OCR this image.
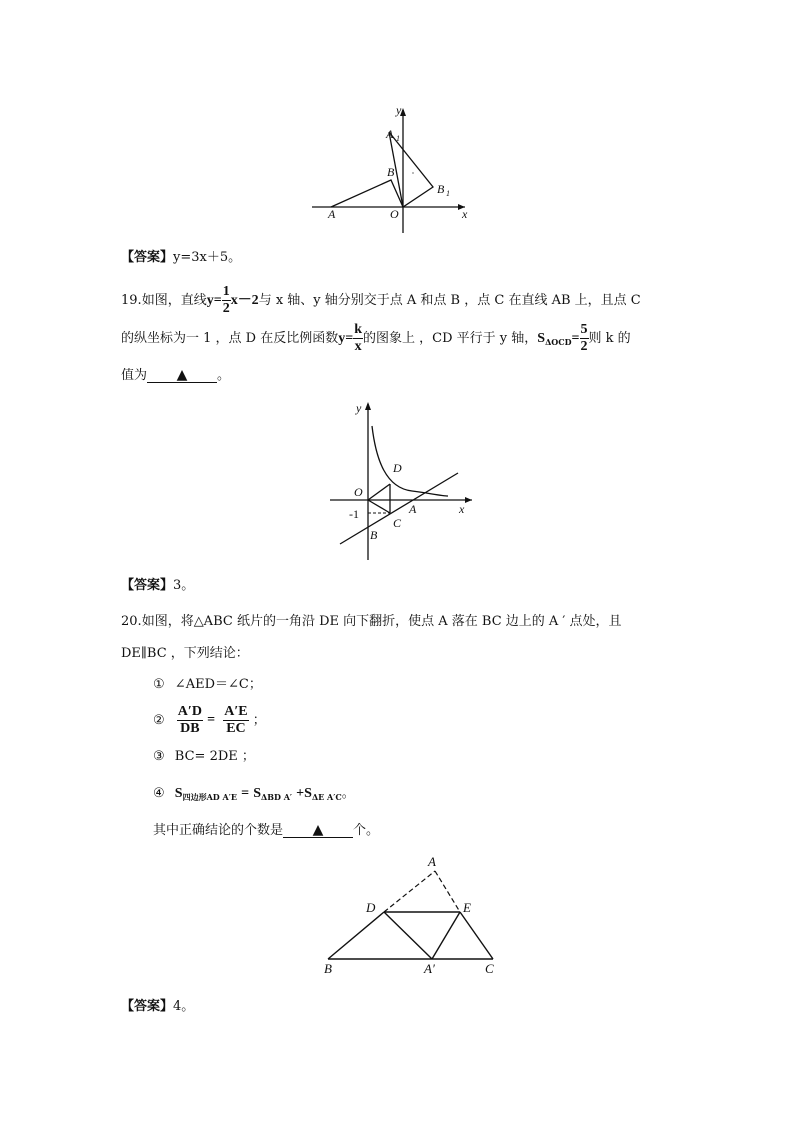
y
x
A 1
B
B 1
A	O
【答案】y=3x＋5。
19.如图，直线$y= \frac{1}{2} x-2$与 x 轴、y 轴分别交于点 A 和点 B ，点 C 在直线 AB 上，且点 C
的纵坐标为一 1 ，点 D 在反比例函数$y= \frac{k}{x}$ 的图象上 ，CD 平行于 y 轴，$S_{\Delta OCD}= \frac{5}{2}$ 则 k 的
值为 ▲ 。
y
x
O
D
A
C
B
-1
【答案】3。
20.如图，将△ABC 纸片的一角沿 DE 向下翻折，使点 A 落在 BC 边上的 A ′ 点处，且
DE∥BC ，下列结论：
① ∠AED＝∠C；
② $\frac{A'D}{DB} = \frac{A'E}{EC}$ ；
③ BC= 2DE ；
④ $S_{四边形AD A'E} = S_{\Delta BD A'} +S_{\Delta E A'C}$。
其中正确结论的个数是 ▲ 个。
A
D	E
B	A′	C
【答案】4。
